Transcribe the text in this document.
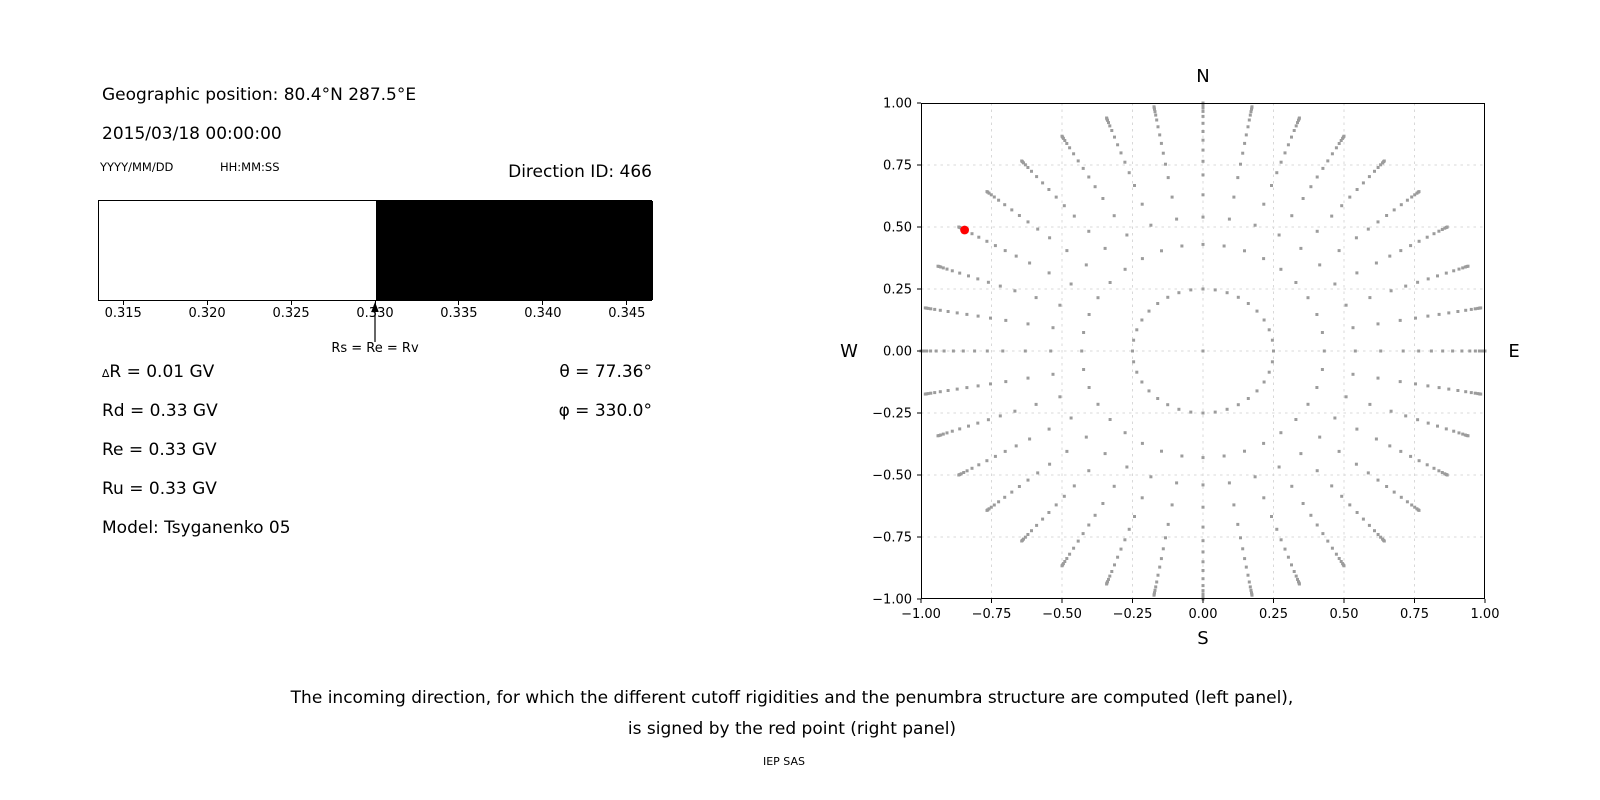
Geographic position: 80.4°N 287.5°E
2015/03/18 00:00:00
YYYY/MM/DD	HH:MM:SS	Direction ID: 466
Rs = Re = Rv
0.315	0.320	0.325	0.330	0.335	0.340	0.345
∆R = 0.01 GV
Rd = 0.33 GV
Re = 0.33 GV
Ru = 0.33 GV
Model: Tsyganenko 05
θ = 77.36°
φ = 330.0°
−1.00 −0.75 −0.50 −0.25	0.00	0.25	0.50	0.75	1.00
−1.00
−0.75
−0.50
−0.25
0.00
0.25
0.50
0.75
1.00
N
S
W	E
The incoming direction, for which the different cutoff rigidities and the penumbra structure are computed (left panel),
is signed by the red point (right panel)
IEP SAS
